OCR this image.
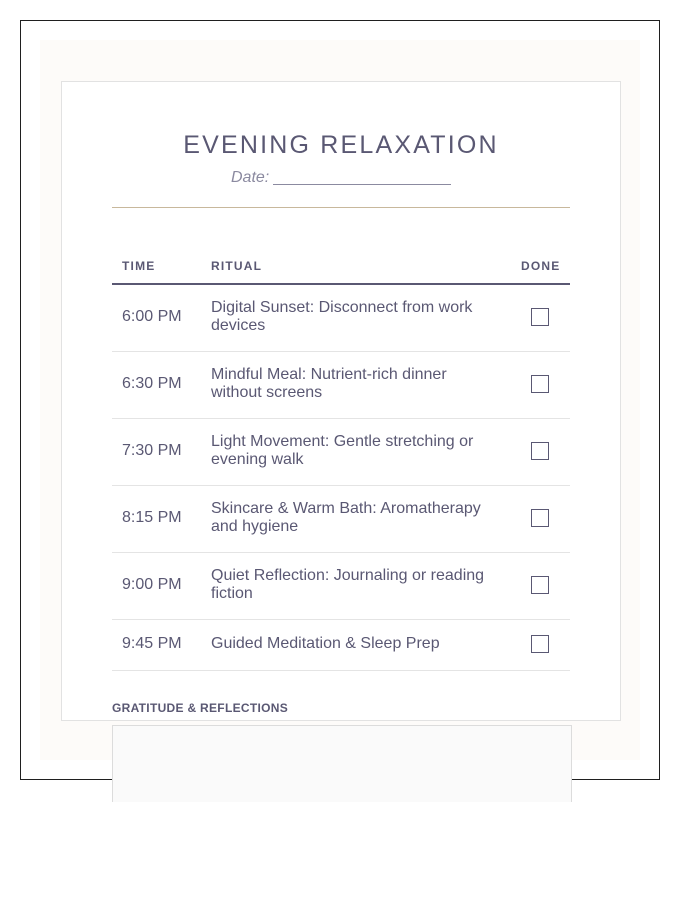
EVENING RELAXATION
Date:
TIME	RITUAL	DONE
6:00 PM
Digital Sunset: Disconnect from work devices
6:30 PM
Mindful Meal: Nutrient-rich dinner without screens
7:30 PM
Light Movement: Gentle stretching or evening walk
8:15 PM
Skincare & Warm Bath: Aromatherapy and hygiene
9:00 PM
Quiet Reflection: Journaling or reading fiction
9:45 PM Guided Meditation & Sleep Prep
GRATITUDE & REFLECTIONS
